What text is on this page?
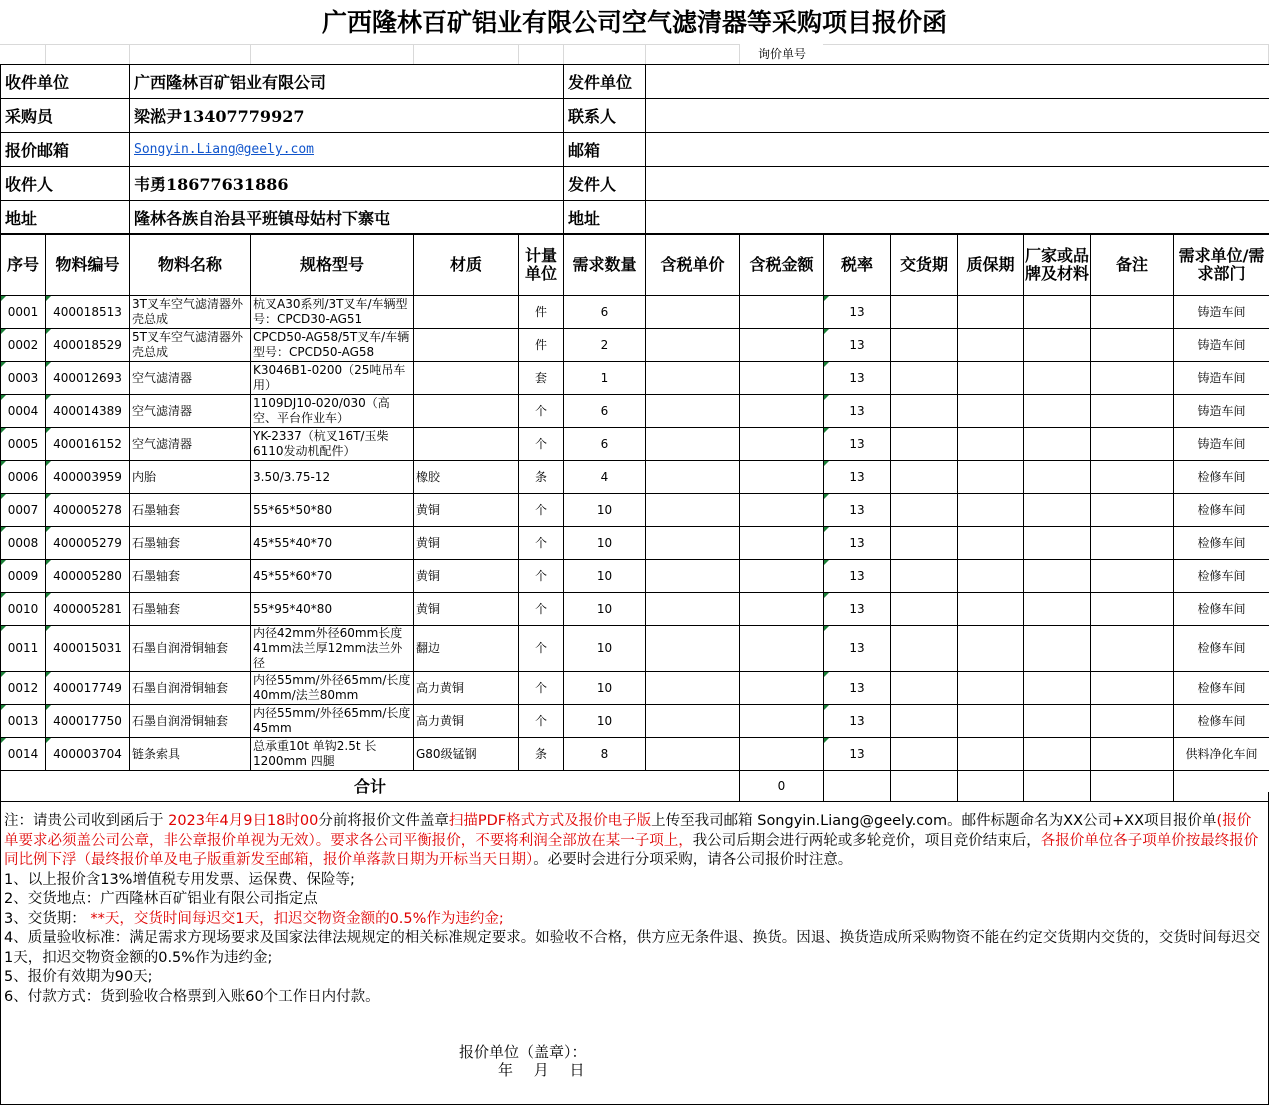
广西隆林百矿铝业有限公司空气滤清器等采购项目报价函
询价单号
收件单位	广西隆林百矿铝业有限公司	发件单位	
采购员	梁淞尹13407779927	联系人	
报价邮箱	Songyin.Liang@geely.com	邮箱	
收件人	韦勇18677631886	发件人	
地址	隆林各族自治县平班镇母姑村下寨屯	地址	
序号	物料编号	物料名称	规格型号	材质	计量单位	需求数量	含税单价	含税金额	税率	交货期	质保期	厂家或品牌及材料	备注	需求单位/需求部门
0001	400018513	3T叉车空气滤清器外壳总成	杭叉A30系列/3T叉车/车辆型号：CPCD30-AG51		件	6			13					铸造车间
0002	400018529	5T叉车空气滤清器外壳总成	CPCD50-AG58/5T叉车/车辆型号：CPCD50-AG58		件	2			13					铸造车间
0003	400012693	空气滤清器	K3046B1-0200（25吨吊车用）		套	1			13					铸造车间
0004	400014389	空气滤清器	1109DJ10-020/030（高空、平台作业车）		个	6			13					铸造车间
0005	400016152	空气滤清器	YK-2337（杭叉16T/玉柴6110发动机配件）		个	6			13					铸造车间
0006	400003959	内胎	3.50/3.75-12	橡胶	条	4			13					检修车间
0007	400005278	石墨轴套	55*65*50*80	黄铜	个	10			13					检修车间
0008	400005279	石墨轴套	45*55*40*70	黄铜	个	10			13					检修车间
0009	400005280	石墨轴套	45*55*60*70	黄铜	个	10			13					检修车间
0010	400005281	石墨轴套	55*95*40*80	黄铜	个	10			13					检修车间
0011	400015031	石墨自润滑铜轴套	内径42mm外径60mm长度41mm法兰厚12mm法兰外径	翻边	个	10			13					检修车间
0012	400017749	石墨自润滑铜轴套	内径55mm/外径65mm/长度40mm/法兰80mm	高力黄铜	个	10			13					检修车间
0013	400017750	石墨自润滑铜轴套	内径55mm/外径65mm/长度45mm	高力黄铜	个	10			13					检修车间
0014	400003704	链条索具	总承重10t 单钩2.5t 长1200mm 四腿	G80级锰钢	条	8			13					供料净化车间
合计								0						
注：请贵公司收到函后于 2023年4月9日18时00分前将报价文件盖章扫描PDF格式方式及报价电子版上传至我司邮箱 Songyin.Liang@geely.com。邮件标题命名为XX公司+XX项目报价单(报价单要求必须盖公司公章，非公章报价单视为无效）。要求各公司平衡报价，不要将利润全部放在某一子项上，我公司后期会进行两轮或多轮竞价，项目竞价结束后，各报价单位各子项单价按最终报价同比例下浮（最终报价单及电子版重新发至邮箱，报价单落款日期为开标当天日期）。必要时会进行分项采购，请各公司报价时注意。
1、以上报价含13%增值税专用发票、运保费、保险等;
2、交货地点：广西隆林百矿铝业有限公司指定点
3、交货期： **天，交货时间每迟交1天，扣迟交物资金额的0.5%作为违约金;
4、质量验收标准：满足需求方现场要求及国家法律法规规定的相关标准规定要求。如验收不合格，供方应无条件退、换货。因退、换货造成所采购物资不能在约定交货期内交货的，交货时间每迟交1天，扣迟交物资金额的0.5%作为违约金;
5、报价有效期为90天;
6、付款方式：货到验收合格票到入账60个工作日内付款。
报价单位（盖章）：
年 月 日
